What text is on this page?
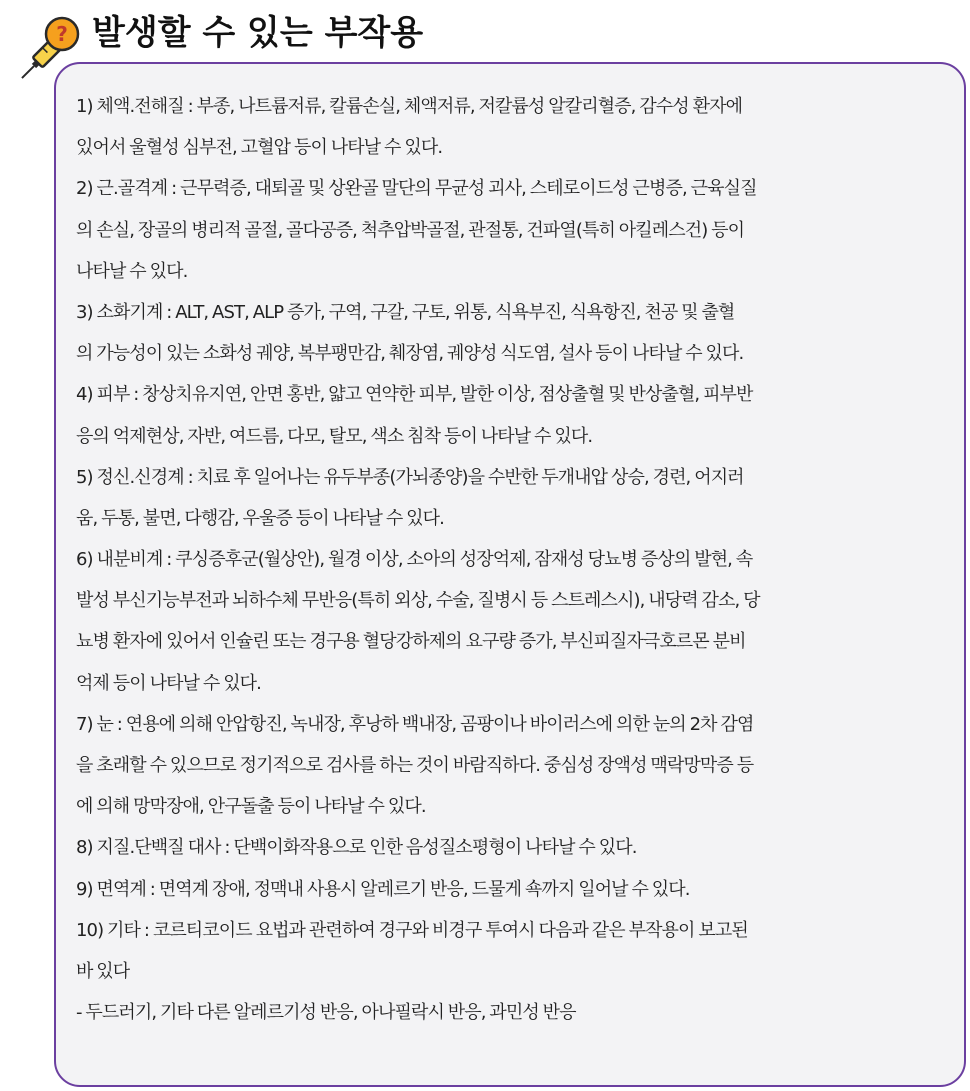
? 발생할 수 있는 부작용
1) 체액.전해질 : 부종, 나트륨저류, 칼륨손실, 체액저류, 저칼륨성 알칼리혈증, 감수성 환자에
있어서 울혈성 심부전, 고혈압 등이 나타날 수 있다.
2) 근.골격계 : 근무력증, 대퇴골 및 상완골 말단의 무균성 괴사, 스테로이드성 근병증, 근육실질
의 손실, 장골의 병리적 골절, 골다공증, 척추압박골절, 관절통, 건파열(특히 아킬레스건) 등이
나타날 수 있다.
3) 소화기계 : ALT, AST, ALP 증가, 구역, 구갈, 구토, 위통, 식욕부진, 식욕항진, 천공 및 출혈
의 가능성이 있는 소화성 궤양, 복부팽만감, 췌장염, 궤양성 식도염, 설사 등이 나타날 수 있다.
4) 피부 : 창상치유지연, 안면 홍반, 얇고 연약한 피부, 발한 이상, 점상출혈 및 반상출혈, 피부반
응의 억제현상, 자반, 여드름, 다모, 탈모, 색소 침착 등이 나타날 수 있다.
5) 정신.신경계 : 치료 후 일어나는 유두부종(가뇌종양)을 수반한 두개내압 상승, 경련, 어지러
움, 두통, 불면, 다행감, 우울증 등이 나타날 수 있다.
6) 내분비계 : 쿠싱증후군(월상안), 월경 이상, 소아의 성장억제, 잠재성 당뇨병 증상의 발현, 속
발성 부신기능부전과 뇌하수체 무반응(특히 외상, 수술, 질병시 등 스트레스시), 내당력 감소, 당
뇨병 환자에 있어서 인슐린 또는 경구용 혈당강하제의 요구량 증가, 부신피질자극호르몬 분비
억제 등이 나타날 수 있다.
7) 눈 : 연용에 의해 안압항진, 녹내장, 후낭하 백내장, 곰팡이나 바이러스에 의한 눈의 2차 감염
을 초래할 수 있으므로 정기적으로 검사를 하는 것이 바람직하다. 중심성 장액성 맥락망막증 등
에 의해 망막장애, 안구돌출 등이 나타날 수 있다.
8) 지질.단백질 대사 : 단백이화작용으로 인한 음성질소평형이 나타날 수 있다.
9) 면역계 : 면역계 장애, 정맥내 사용시 알레르기 반응, 드물게 쇽까지 일어날 수 있다.
10) 기타 : 코르티코이드 요법과 관련하여 경구와 비경구 투여시 다음과 같은 부작용이 보고된
바 있다
- 두드러기, 기타 다른 알레르기성 반응, 아나필락시 반응, 과민성 반응
